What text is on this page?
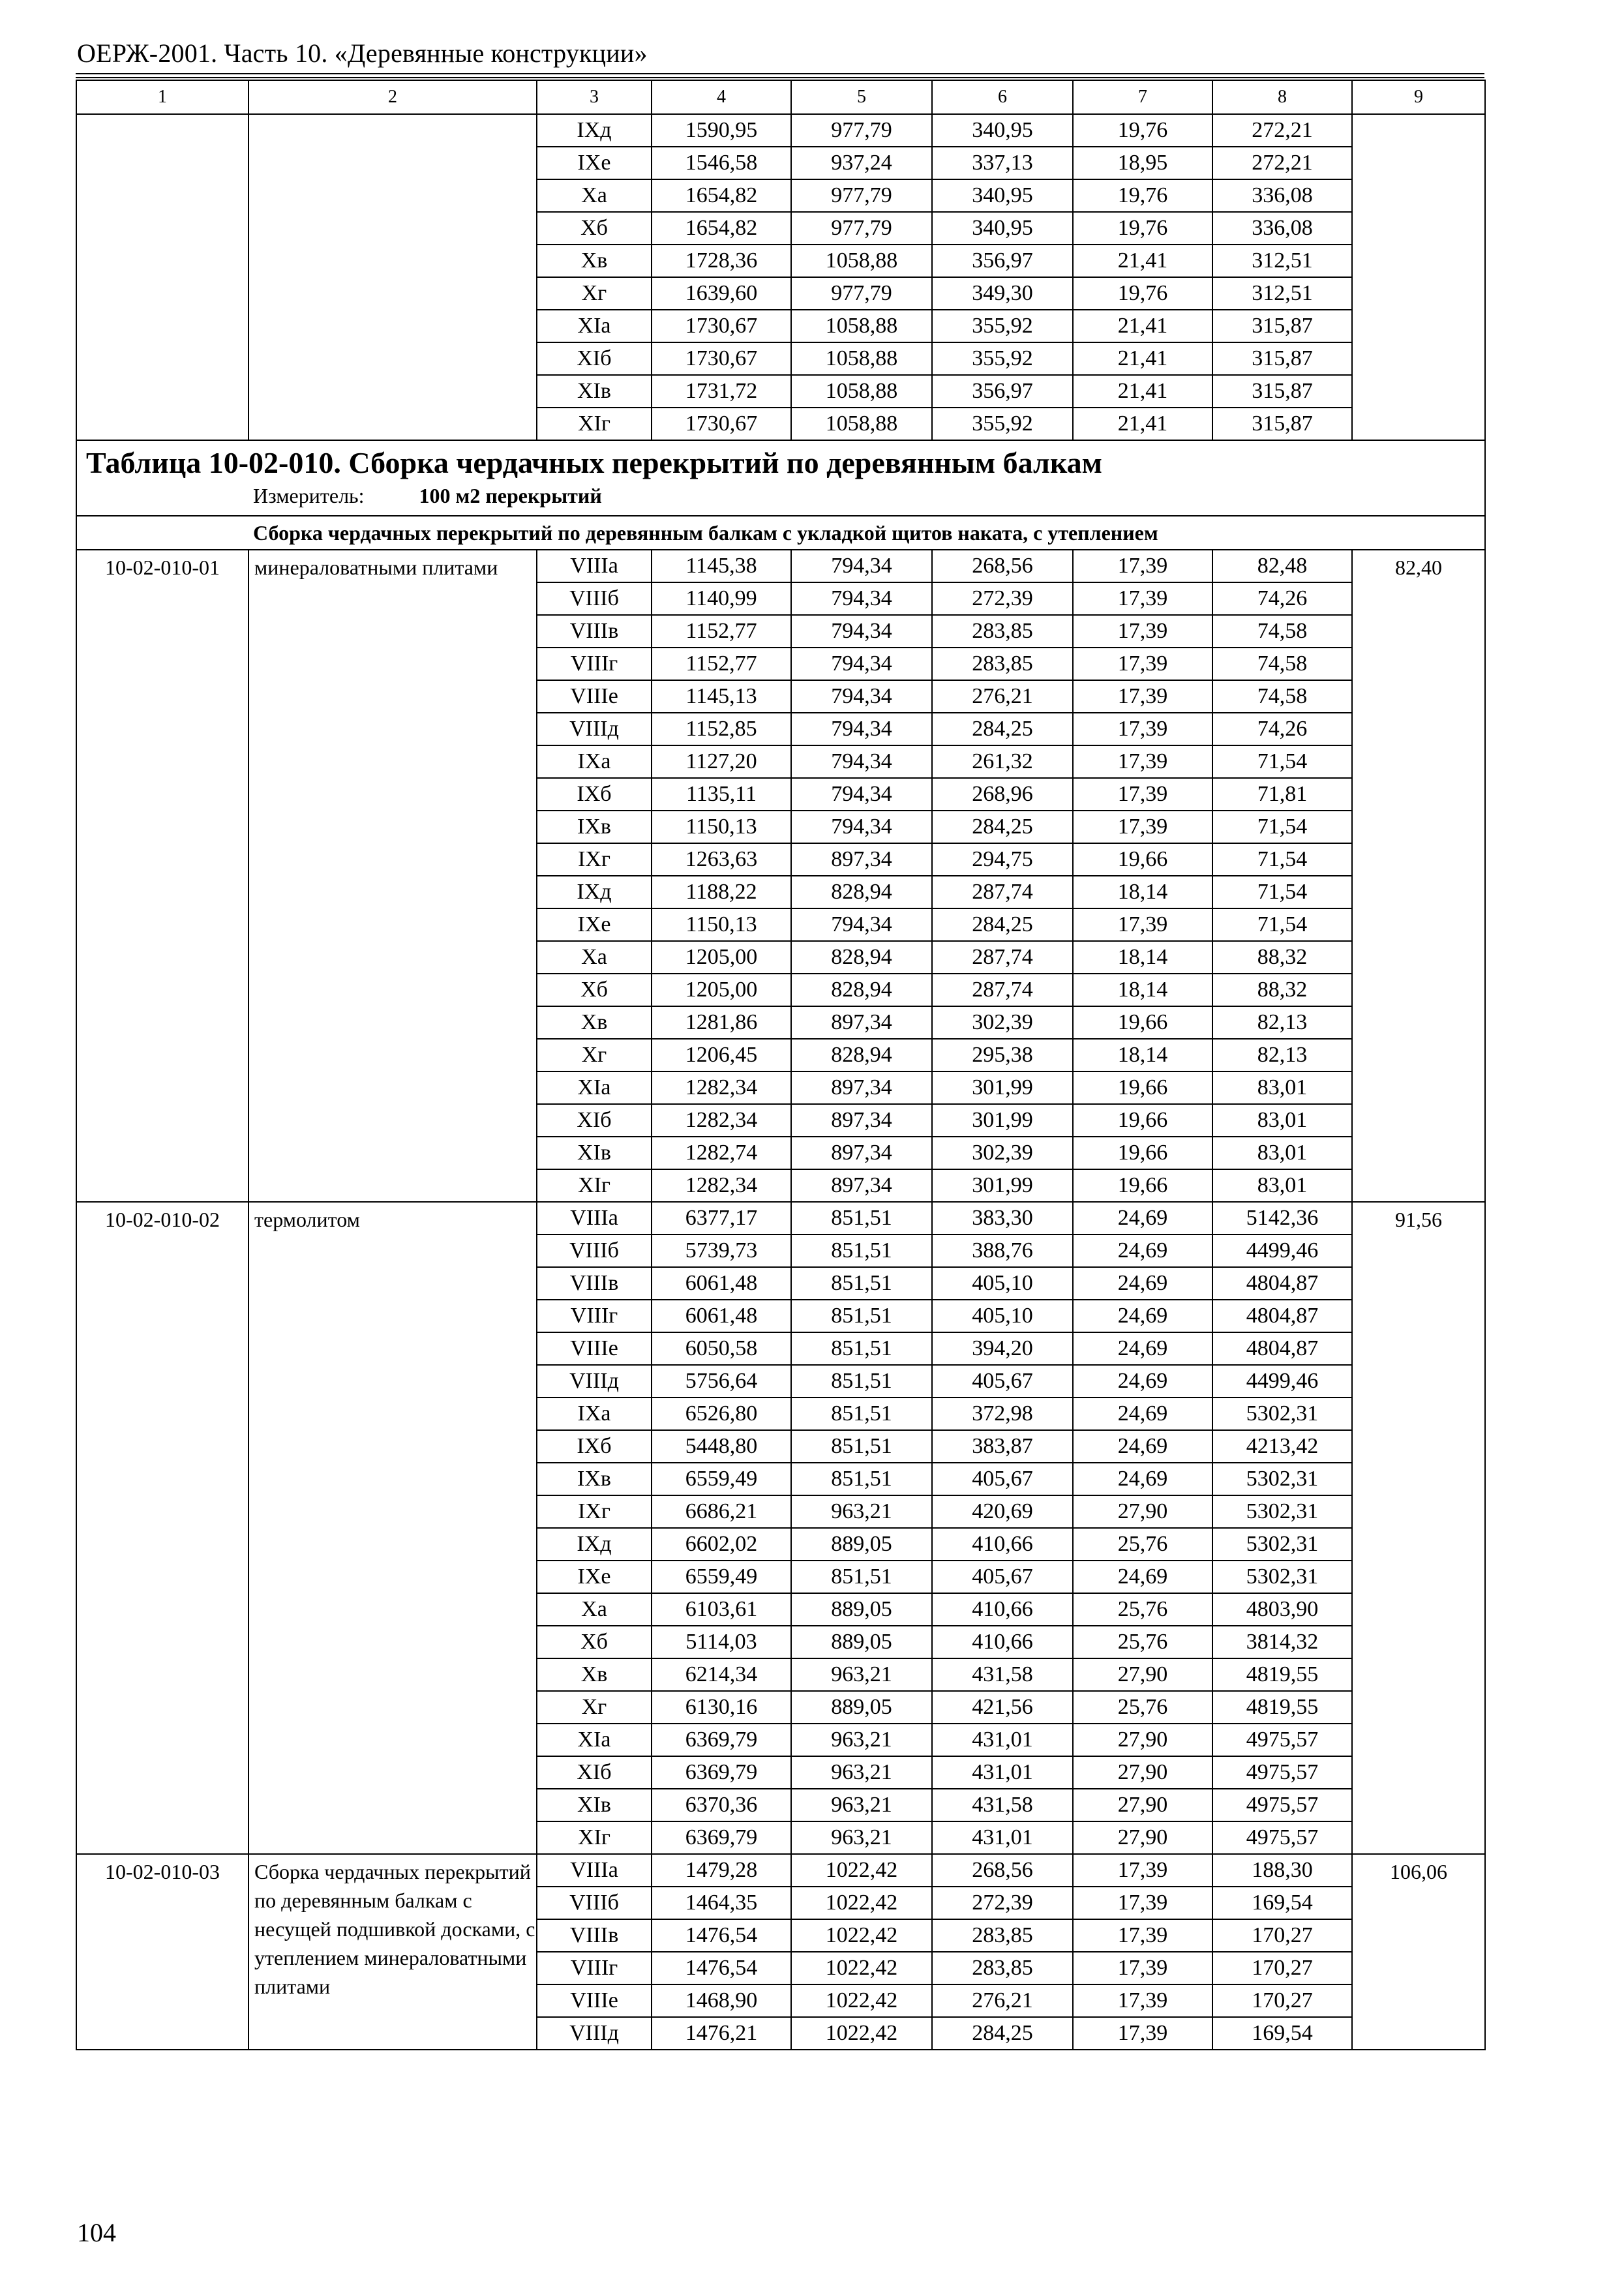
ОЕРЖ-2001. Часть 10. «Деревянные конструкции»
1	2	3	4	5	6	7	8	9
		IXд	1590,95	977,79	340,95	19,76	272,21	
		IXе	1546,58	937,24	337,13	18,95	272,21	
		Xа	1654,82	977,79	340,95	19,76	336,08	
		Xб	1654,82	977,79	340,95	19,76	336,08	
		Xв	1728,36	1058,88	356,97	21,41	312,51	
		Xг	1639,60	977,79	349,30	19,76	312,51	
		XIа	1730,67	1058,88	355,92	21,41	315,87	
		XIб	1730,67	1058,88	355,92	21,41	315,87	
		XIв	1731,72	1058,88	356,97	21,41	315,87	
		XIг	1730,67	1058,88	355,92	21,41	315,87	

Таблица 10-02-010. Сборка чердачных перекрытий по деревянным балкам
Измеритель: 100 м2 перекрытий								

Сборка чердачных перекрытий по деревянным балкам с укладкой щитов наката, с утеплением								
10-02-010-01	минераловатными плитами	VIIIа	1145,38	794,34	268,56	17,39	82,48	82,40
		VIIIб	1140,99	794,34	272,39	17,39	74,26	
		VIIIв	1152,77	794,34	283,85	17,39	74,58	
		VIIIг	1152,77	794,34	283,85	17,39	74,58	
		VIIIе	1145,13	794,34	276,21	17,39	74,58	
		VIIIд	1152,85	794,34	284,25	17,39	74,26	
		IXа	1127,20	794,34	261,32	17,39	71,54	
		IXб	1135,11	794,34	268,96	17,39	71,81	
		IXв	1150,13	794,34	284,25	17,39	71,54	
		IXг	1263,63	897,34	294,75	19,66	71,54	
		IXд	1188,22	828,94	287,74	18,14	71,54	
		IXе	1150,13	794,34	284,25	17,39	71,54	
		Xа	1205,00	828,94	287,74	18,14	88,32	
		Xб	1205,00	828,94	287,74	18,14	88,32	
		Xв	1281,86	897,34	302,39	19,66	82,13	
		Xг	1206,45	828,94	295,38	18,14	82,13	
		XIа	1282,34	897,34	301,99	19,66	83,01	
		XIб	1282,34	897,34	301,99	19,66	83,01	
		XIв	1282,74	897,34	302,39	19,66	83,01	
		XIг	1282,34	897,34	301,99	19,66	83,01	
10-02-010-02	термолитом	VIIIа	6377,17	851,51	383,30	24,69	5142,36	91,56
		VIIIб	5739,73	851,51	388,76	24,69	4499,46	
		VIIIв	6061,48	851,51	405,10	24,69	4804,87	
		VIIIг	6061,48	851,51	405,10	24,69	4804,87	
		VIIIе	6050,58	851,51	394,20	24,69	4804,87	
		VIIIд	5756,64	851,51	405,67	24,69	4499,46	
		IXа	6526,80	851,51	372,98	24,69	5302,31	
		IXб	5448,80	851,51	383,87	24,69	4213,42	
		IXв	6559,49	851,51	405,67	24,69	5302,31	
		IXг	6686,21	963,21	420,69	27,90	5302,31	
		IXд	6602,02	889,05	410,66	25,76	5302,31	
		IXе	6559,49	851,51	405,67	24,69	5302,31	
		Xа	6103,61	889,05	410,66	25,76	4803,90	
		Xб	5114,03	889,05	410,66	25,76	3814,32	
		Xв	6214,34	963,21	431,58	27,90	4819,55	
		Xг	6130,16	889,05	421,56	25,76	4819,55	
		XIа	6369,79	963,21	431,01	27,90	4975,57	
		XIб	6369,79	963,21	431,01	27,90	4975,57	
		XIв	6370,36	963,21	431,58	27,90	4975,57	
		XIг	6369,79	963,21	431,01	27,90	4975,57	
10-02-010-03	Сборка чердачных перекрытий по деревянным балкам с несущей подшивкой досками, с утеплением минераловатными плитами	VIIIа	1479,28	1022,42	268,56	17,39	188,30	106,06
		VIIIб	1464,35	1022,42	272,39	17,39	169,54	
		VIIIв	1476,54	1022,42	283,85	17,39	170,27	
		VIIIг	1476,54	1022,42	283,85	17,39	170,27	
		VIIIе	1468,90	1022,42	276,21	17,39	170,27	
		VIIIд	1476,21	1022,42	284,25	17,39	169,54	
104
